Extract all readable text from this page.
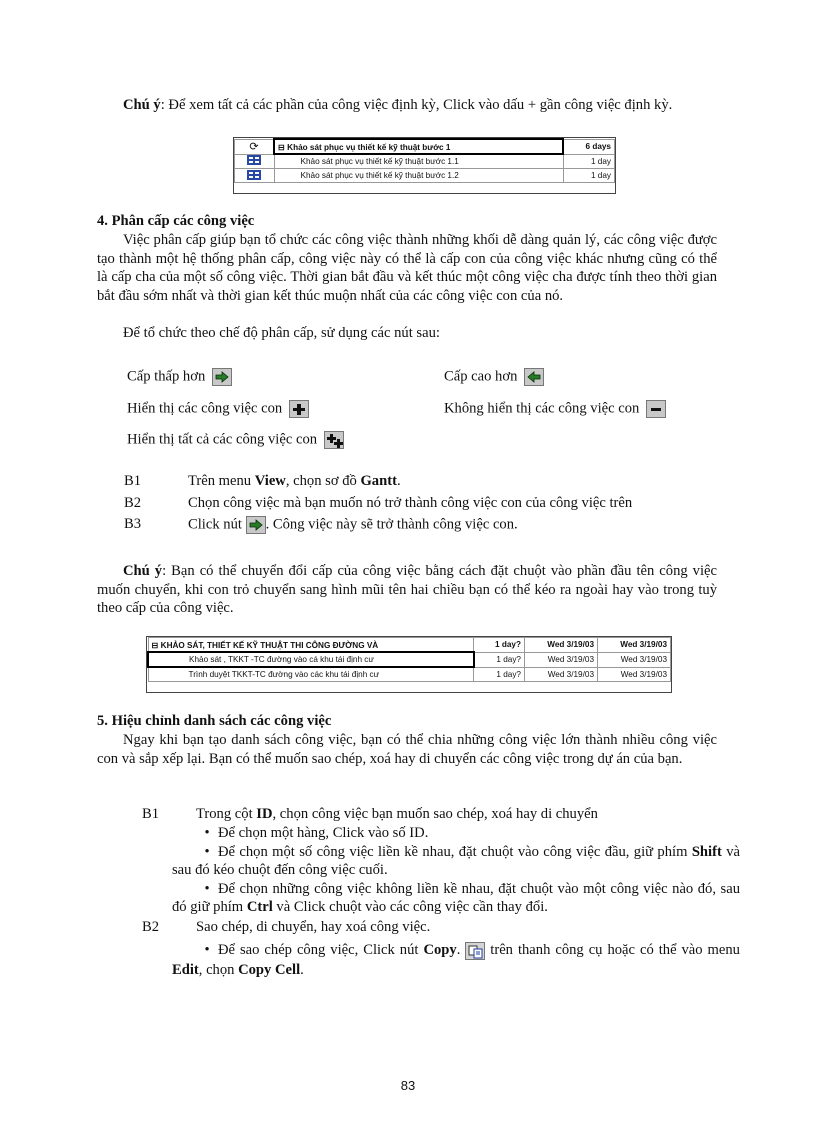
Chú ý: Để xem tất cả các phần của công việc định kỳ, Click vào dấu + gần công việc định kỳ.
⟳	⊟ Khảo sát phục vụ thiết kế kỹ thuật bước 1	6 days
	Khảo sát phục vụ thiết kế kỹ thuật bước 1.1	1 day
	Khảo sát phục vụ thiết kế kỹ thuật bước 1.2	1 day
4. Phân cấp các công việc
Việc phân cấp giúp bạn tổ chức các công việc thành những khối dễ dàng quản lý, các công việc được tạo thành một hệ thống phân cấp, công việc này có thể là cấp con của công việc khác nhưng cũng có thể là cấp cha của một số công việc. Thời gian bắt đầu và kết thúc một công việc cha được tính theo thời gian bắt đầu sớm nhất và thời gian kết thúc muộn nhất của các công việc con của nó.
Để tổ chức theo chế độ phân cấp, sử dụng các nút sau:
Cấp thấp hơn	Cấp cao hơn
Hiển thị các công việc con	Không hiển thị các công việc con
Hiển thị tất cả các công việc con
B1	Trên menu View, chọn sơ đồ Gantt.
B2	Chọn công việc mà bạn muốn nó trở thành công việc con của công việc trên
B3	Click nút
. Công việc này sẽ trở thành công việc con.
Chú ý: Bạn có thể chuyển đổi cấp của công việc bằng cách đặt chuột vào phần đầu tên công việc muốn chuyển, khi con trỏ chuyển sang hình mũi tên hai chiều bạn có thể kéo ra ngoài hay vào trong tuỳ theo cấp của công việc.
⊟ KHẢO SÁT, THIẾT KẾ KỸ THUẬT THI CÔNG ĐƯỜNG VÀ	1 day?	Wed 3/19/03	Wed 3/19/03
Khảo sát , TKKT -TC đường vào cá khu tái định cư	1 day?	Wed 3/19/03	Wed 3/19/03
Trình duyệt TKKT-TC đường vào các khu tái định cư	1 day?	Wed 3/19/03	Wed 3/19/03
5. Hiệu chỉnh danh sách các công việc
Ngay khi bạn tạo danh sách công việc, bạn có thể chia những công việc lớn thành nhiều công việc con và sắp xếp lại. Bạn có thể muốn sao chép, xoá hay di chuyển các công việc trong dự án của bạn.
B1	Trong cột ID, chọn công việc bạn muốn sao chép, xoá hay di chuyển
• Để chọn một hàng, Click vào số ID.
• Để chọn một số công việc liền kề nhau, đặt chuột vào công việc đầu, giữ phím Shift và sau đó kéo chuột đến công việc cuối.
• Để chọn những công việc không liền kề nhau, đặt chuột vào một công việc nào đó, sau đó giữ phím Ctrl và Click chuột vào các công việc cần thay đổi.
B2	Sao chép, di chuyển, hay xoá công việc.
• Để sao chép công việc, Click nút Copy.
trên thanh công cụ hoặc có thể vào menu Edit, chọn Copy Cell.
83
